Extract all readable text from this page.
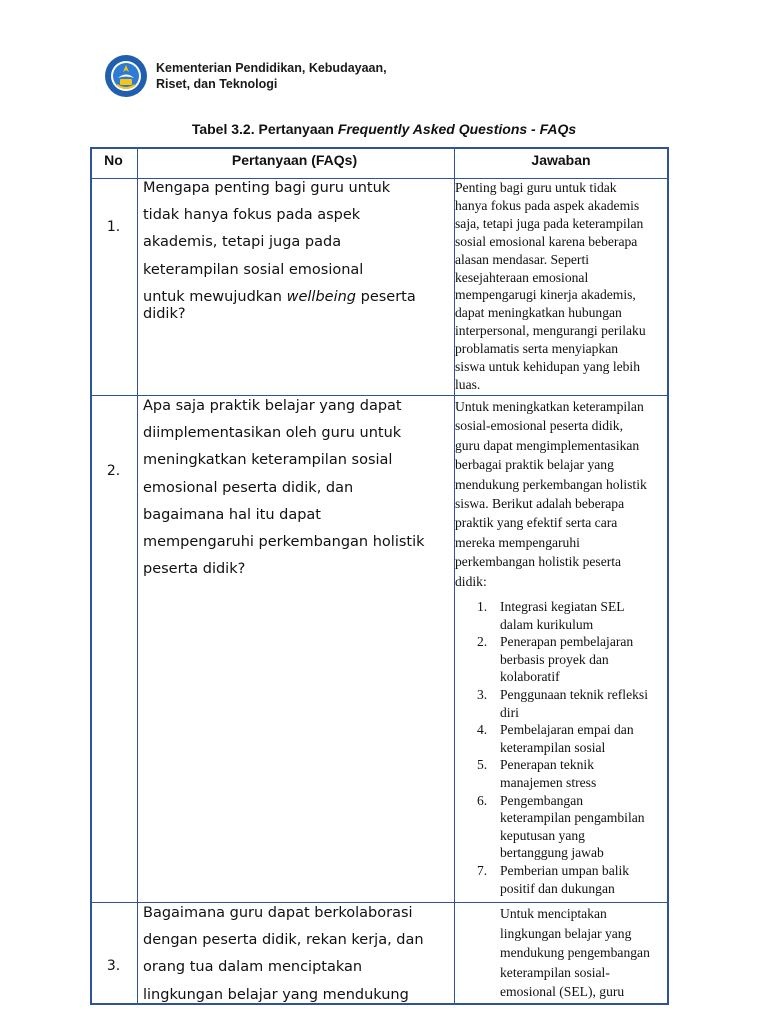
Kementerian Pendidikan, Kebudayaan,
Riset, dan Teknologi
Tabel 3.2. Pertanyaan Frequently Asked Questions - FAQs
No	Pertanyaan (FAQs)	Jawaban
1.

Mengapa penting bagi guru untuk
tidak hanya fokus pada aspek
akademis, tetapi juga pada
keterampilan sosial emosional
untuk mewujudkan wellbeing peserta

didik?

Penting bagi guru untuk tidak
hanya fokus pada aspek akademis
saja, tetapi juga pada keterampilan
sosial emosional karena beberapa
alasan mendasar. Seperti
kesejahteraan emosional
mempengarugi kinerja akademis,
dapat meningkatkan hubungan
interpersonal, mengurangi perilaku
problamatis serta menyiapkan
siswa untuk kehidupan yang lebih
luas.

2.

Apa saja praktik belajar yang dapat
diimplementasikan oleh guru untuk
meningkatkan keterampilan sosial
emosional peserta didik, dan
bagaimana hal itu dapat
mempengaruhi perkembangan holistik
peserta didik?

Untuk meningkatkan keterampilan
sosial-emosional peserta didik,
guru dapat mengimplementasikan
berbagai praktik belajar yang
mendukung perkembangan holistik
siswa. Berikut adalah beberapa
praktik yang efektif serta cara
mereka mempengaruhi
perkembangan holistik peserta
didik:

1. Integrasi kegiatan SEL
dalam kurikulum
2. Penerapan pembelajaran
berbasis proyek dan
kolaboratif
3. Penggunaan teknik refleksi
diri
4. Pembelajaran empai dan
keterampilan sosial
5. Penerapan teknik
manajemen stress
6. Pengembangan
keterampilan pengambilan
keputusan yang
bertanggung jawab
7. Pemberian umpan balik
positif dan dukungan
3.

Bagaimana guru dapat berkolaborasi
dengan peserta didik, rekan kerja, dan
orang tua dalam menciptakan
lingkungan belajar yang mendukung

Untuk menciptakan
lingkungan belajar yang
mendukung pengembangan
keterampilan sosial-
emosional (SEL), guru
